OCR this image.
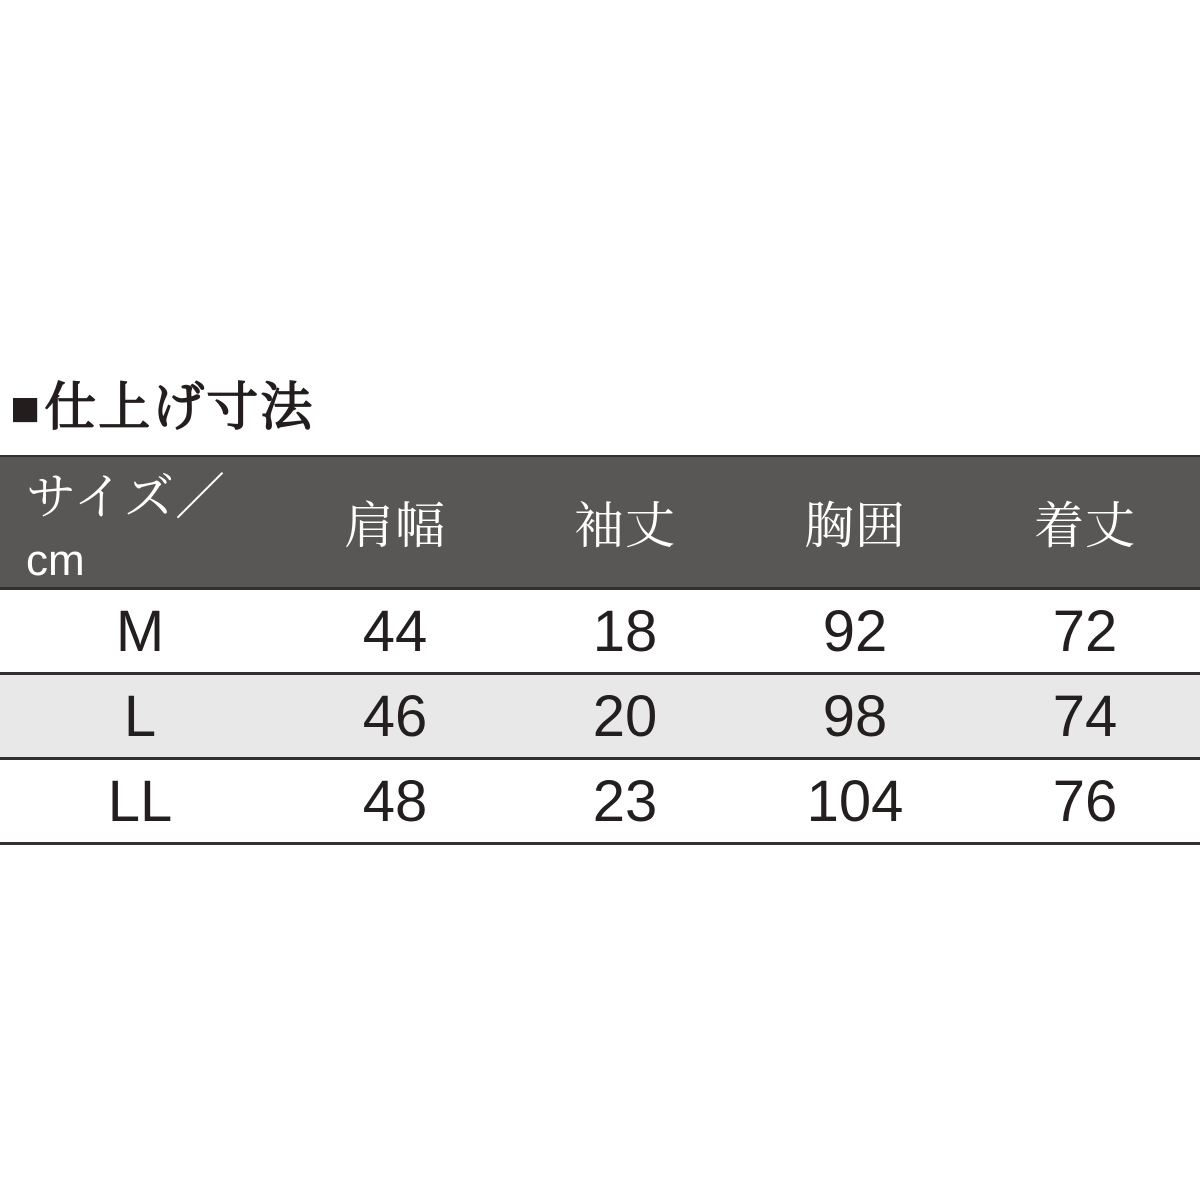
■ 仕上げ寸法
サイズ／cm	肩幅	袖丈	胸囲	着丈
M	44	18	92	72
L	46	20	98	74
LL	48	23	104	76
